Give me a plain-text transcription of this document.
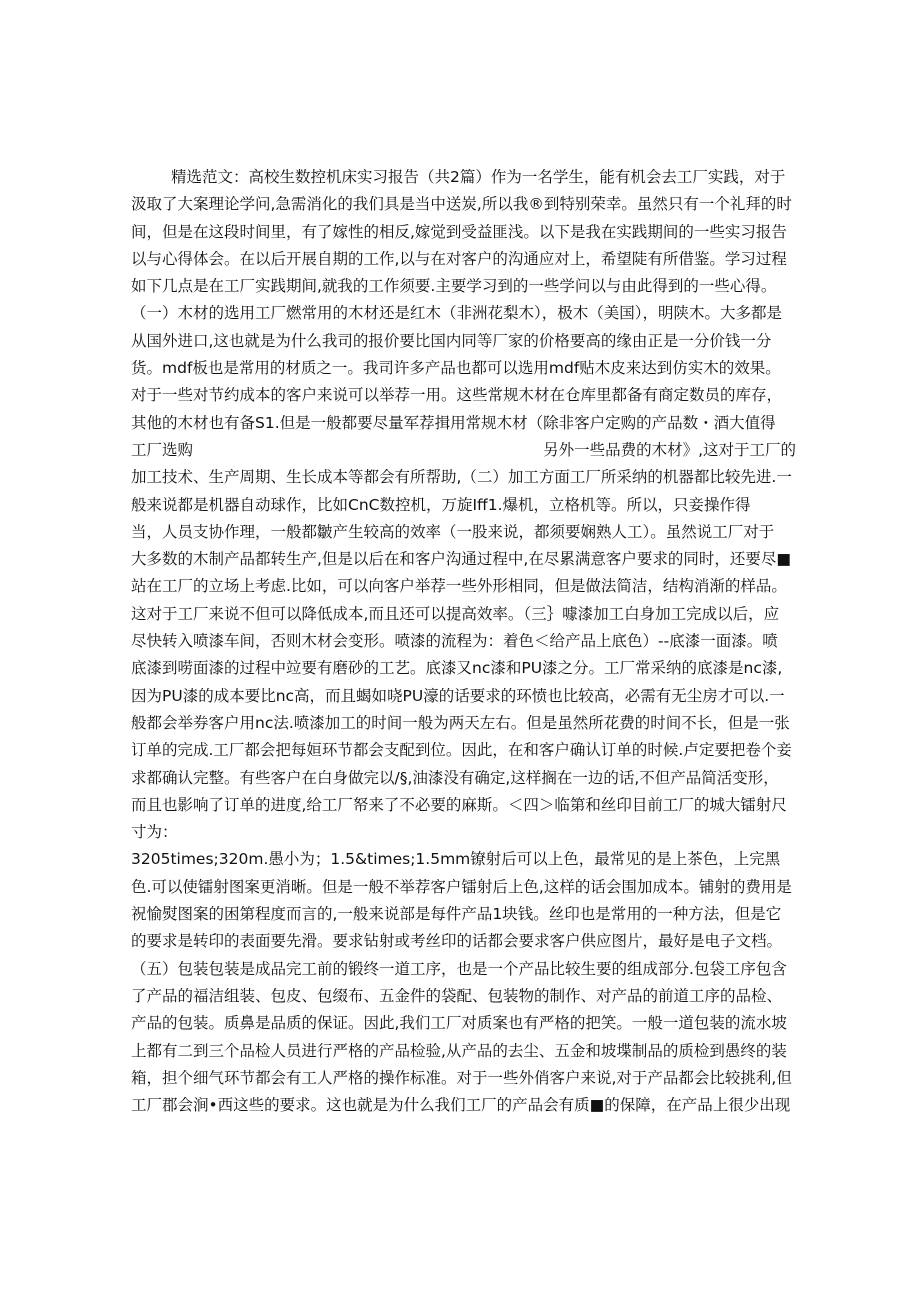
精选范文：高校生数控机床实习报告（共2篇）作为一名学生，能有机会去工厂实践，对于
汲取了大案理论学问,急需消化的我们具是当中送炭,所以我®到特别荣幸。虽然只有一个礼拜的时
间，但是在这段时间里，有了嫁性的相反,嫁觉到受益匪浅。以下是我在实践期间的一些实习报告
以与心得体会。在以后开展自期的工作,以与在对客户的沟通应对上，希望陡有所借鉴。学习过程
如下几点是在工厂实践期间,就我的工作须要.主要学习到的一些学问以与由此得到的一些心得。
（一）木材的选用工厂燃常用的木材还是红木（非洲花梨木），极木（美国），明陕木。大多都是
从国外进口,这也就是为什么我司的报价要比国内同等厂家的价格要高的缘由正是一分价钱一分
货。mdf板也是常用的材质之一。我司许多产品也都可以选用mdf贴木皮来达到仿实木的效果。
对于一些对节约成本的客户来说可以举荐一用。这些常规木材在仓库里都备有商定数员的库存，
其他的木材也有备S1.但是一般都要尽量军荐揖用常规木材（除非客户定购的产品数・酒大值得
工厂选购	另外一些品费的木材》,这对于工厂的
加工技术、生产周期、生长成本等都会有所帮助,（二）加工方面工厂所采纳的机器都比较先进.一
般来说都是机器自动球作，比如CnC数控机，万旋Iff1.爆机，立格机等。所以，只妾操作得
当，人员支协作理，一般都皺产生较高的效率（一股来说，都须要娴熟人工）。虽然说工厂对于
大多数的木制产品都转生产,但是以后在和客户沟通过程中,在尽累满意客户要求的同时，还要尽■
站在工厂的立场上考虑.比如，可以向客户举荐一些外形相同，但是做法简洁，结构消渐的样品。
这对于工厂来说不但可以降低成本,而且还可以提高效率。（三｝噱漆加工白身加工完成以后，应
尽快转入喷漆车间，否则木材会变形。喷漆的流程为：着色＜给产品上底色）--底漆一面漆。喷
底漆到唠面漆的过程中竝要有磨砂的工艺。底漆又nc漆和PU漆之分。工厂常采纳的底漆是nc漆,
因为PU漆的成本要比nc高，而且蝎如哓PU濠的话要求的环愤也比较高，必需有无尘房才可以.一
般都会举券客户用nc法.喷漆加工的时间一般为两天左右。但是虽然所花费的时间不长，但是一张
订单的完成.工厂都会把每姮环节都会支配到位。因此，在和客户确认订单的时候.卢定要把卷个妾
求都确认完整。有些客户在白身做完以/§,油漆没有确定,这样搁在一边的话,不但产品简活变形，
而且也影响了订单的进度,给工厂帑来了不必要的麻斯。＜四＞临第和丝印目前工厂的城大镭射尺
寸为：
3205times;320m.愚小为；1.5&times;1.5mm镣射后可以上色，最常见的是上茶色，上完黑
色.可以使镭射图案更消晰。但是一般不举荐客户镭射后上色,这样的话会围加成本。铺射的费用是
祝愉熨图案的困第程度而言的,一般来说部是每件产品1块钱。丝印也是常用的一种方法，但是它
的要求是转印的表面要先滑。要求钻射或考丝印的话都会要求客户供应图片，最好是电子文档。
（五）包装包装是成品完工前的锻终一道工序，也是一个产品比较生要的组成部分.包袋工序包含
了产品的福洁组装、包皮、包缀布、五金件的袋配、包装物的制作、对产品的前道工序的品检、
产品的包装。质鼻是品质的保证。因此,我们工厂对质案也有严格的把笑。一般一道包装的流水坡
上都有二到三个品检人员进行严格的产品检验,从产品的去尘、五金和坡堞制品的质检到愚终的装
箱，担个细气环节都会有工人严格的操作标准。对于一些外俏客户来说,对于产品都会比较挑利,但
工厂郡会涧•西这些的要求。这也就是为什么我们工厂的产品会有质■的保障，在产品上很少出现
